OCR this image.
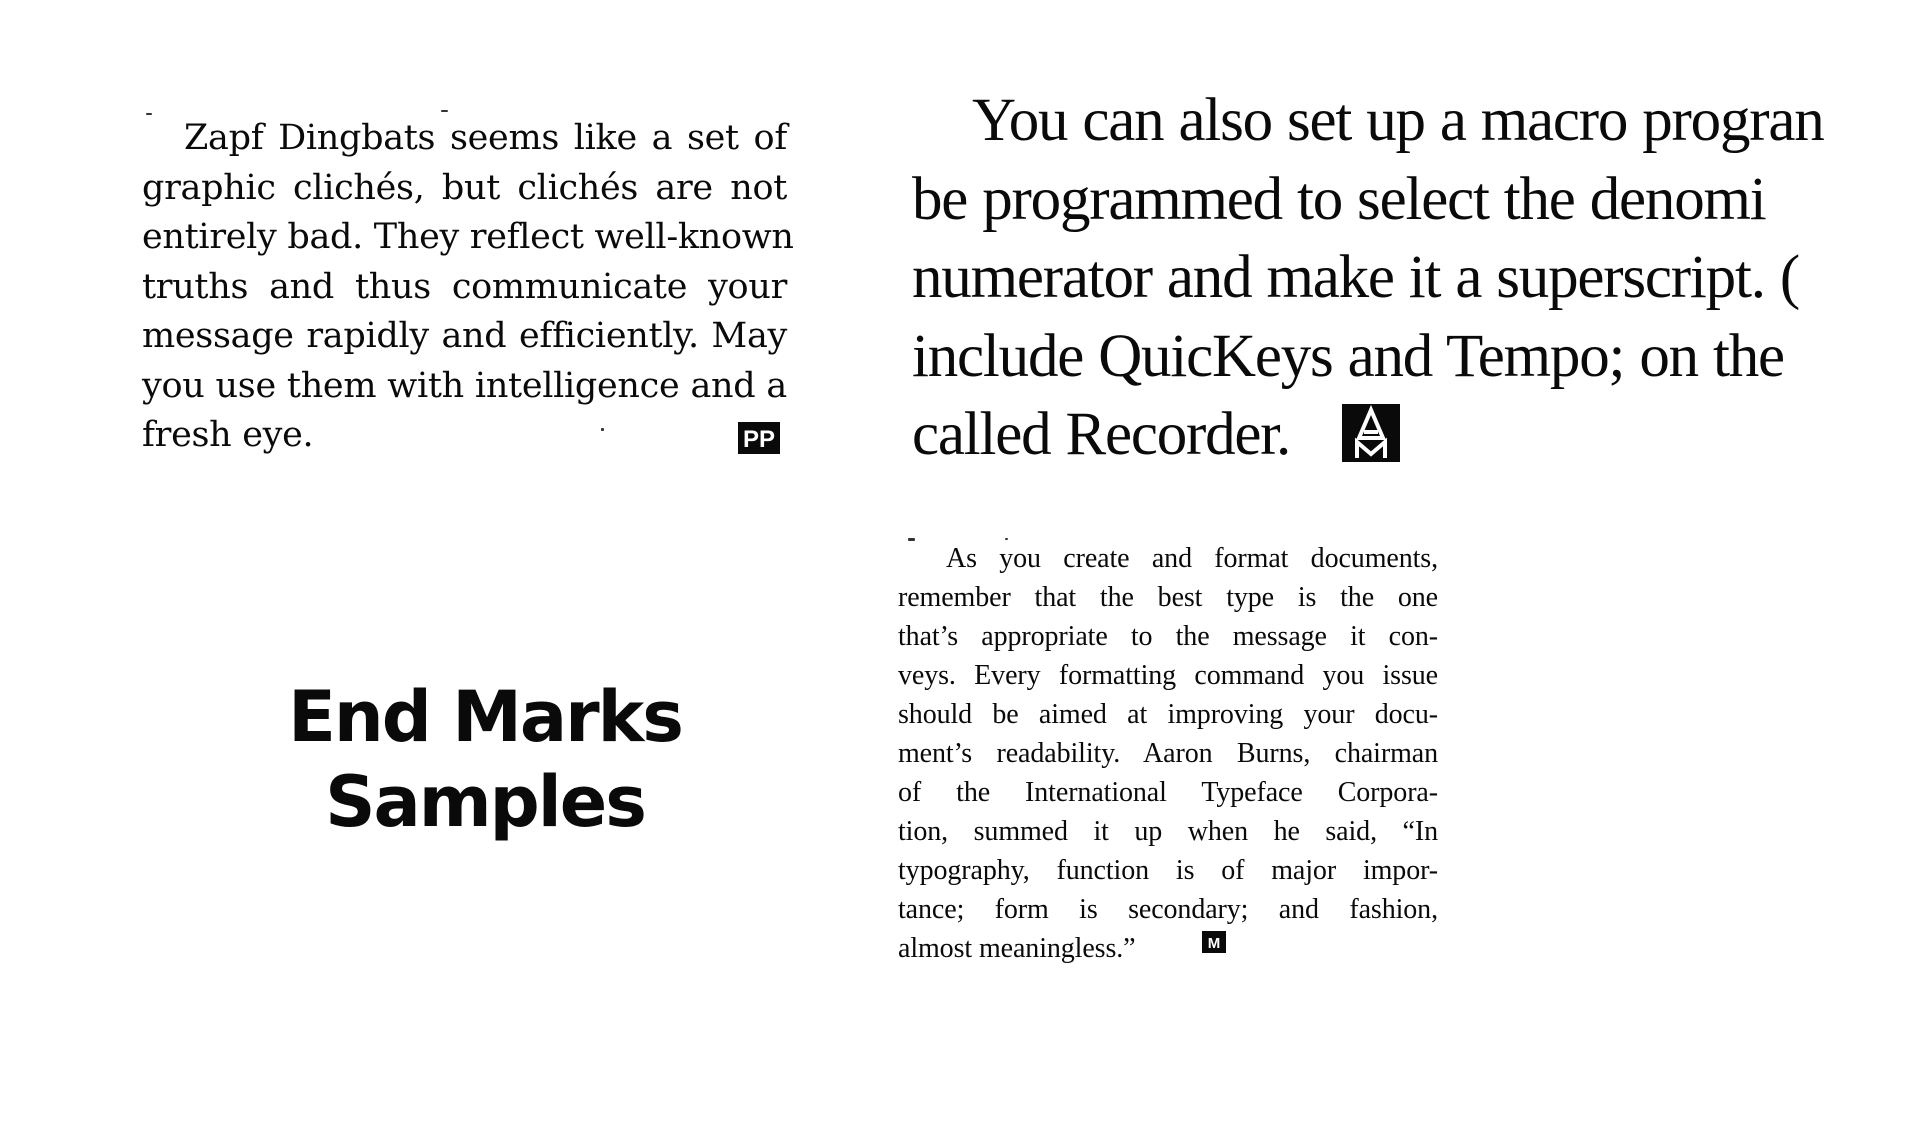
Zapf Dingbats seems like a set of
graphic clichés, but clichés are not
entirely bad. They reflect well-known
truths and thus communicate your
message rapidly and efficiently. May
you use them with intelligence and a
fresh eye.	PP
You can also set up a macro progran
be programmed to select the denomi
numerator and make it a superscript. (
include QuicKeys and Tempo; on the
called Recorder.
As you create and format documents,
remember that the best type is the one
that’s appropriate to the message it con-
veys. Every formatting command you issue
should be aimed at improving your docu-
ment’s readability. Aaron Burns, chairman
of the International Typeface Corpora-
tion, summed it up when he said, “In
typography, function is of major impor-
tance; form is secondary; and fashion,
almost meaningless.”	M
End Marks
Samples
